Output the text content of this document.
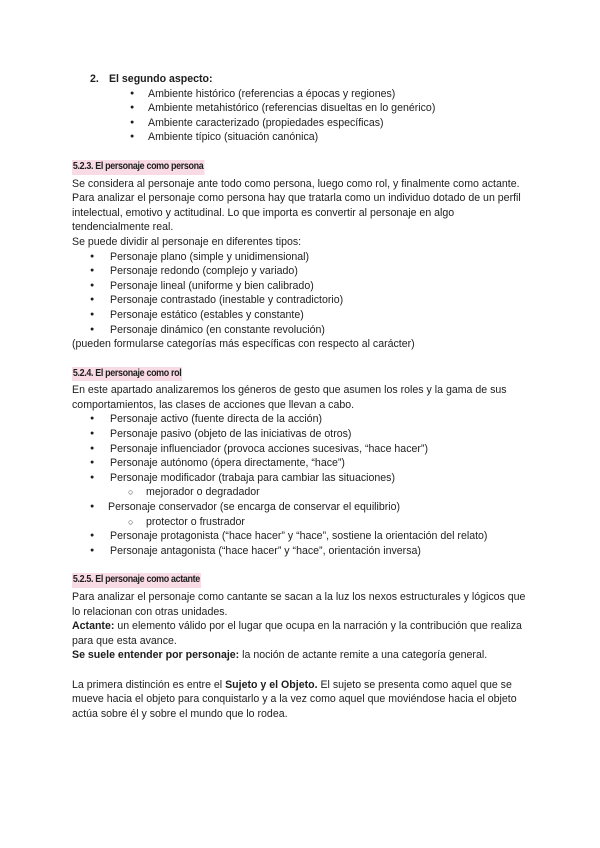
2. El segundo aspecto:

● Ambiente histórico (referencias a épocas y regiones)
● Ambiente metahistórico (referencias disueltas en lo genérico)
● Ambiente caracterizado (propiedades específicas)
● Ambiente típico (situación canónica)
5.2.3. El personaje como persona

Se considera al personaje ante todo como persona, luego como rol, y finalmente como actante.

Para analizar el personaje como persona hay que tratarla como un individuo dotado de un perfil intelectual, emotivo y actitudinal. Lo que importa es convertir al personaje en algo tendencialmente real.

Se puede dividir al personaje en diferentes tipos:

● Personaje plano (simple y unidimensional)
● Personaje redondo (complejo y variado)
● Personaje lineal (uniforme y bien calibrado)
● Personaje contrastado (inestable y contradictorio)
● Personaje estático (estables y constante)
● Personaje dinámico (en constante revolución)

(pueden formularse categorías más específicas con respecto al carácter)

5.2.4. El personaje como rol

En este apartado analizaremos los géneros de gesto que asumen los roles y la gama de sus comportamientos, las clases de acciones que llevan a cabo.

● Personaje activo (fuente directa de la acción)
● Personaje pasivo (objeto de las iniciativas de otros)
● Personaje influenciador (provoca acciones sucesivas, “hace hacer”)
● Personaje autónomo (ópera directamente, “hace”)
● Personaje modificador (trabaja para cambiar las situaciones)
○ mejorador o degradador
● Personaje conservador (se encarga de conservar el equilibrio)
○ protector o frustrador
● Personaje protagonista (“hace hacer” y “hace”, sostiene la orientación del relato)
● Personaje antagonista (“hace hacer” y “hace”, orientación inversa)
5.2.5. El personaje como actante

Para analizar el personaje como cantante se sacan a la luz los nexos estructurales y lógicos que lo relacionan con otras unidades.

Actante: un elemento válido por el lugar que ocupa en la narración y la contribución que realiza para que esta avance.

Se suele entender por personaje: la noción de actante remite a una categoría general.

La primera distinción es entre el Sujeto y el Objeto. El sujeto se presenta como aquel que se mueve hacia el objeto para conquistarlo y a la vez como aquel que moviéndose hacia el objeto actúa sobre él y sobre el mundo que lo rodea.
